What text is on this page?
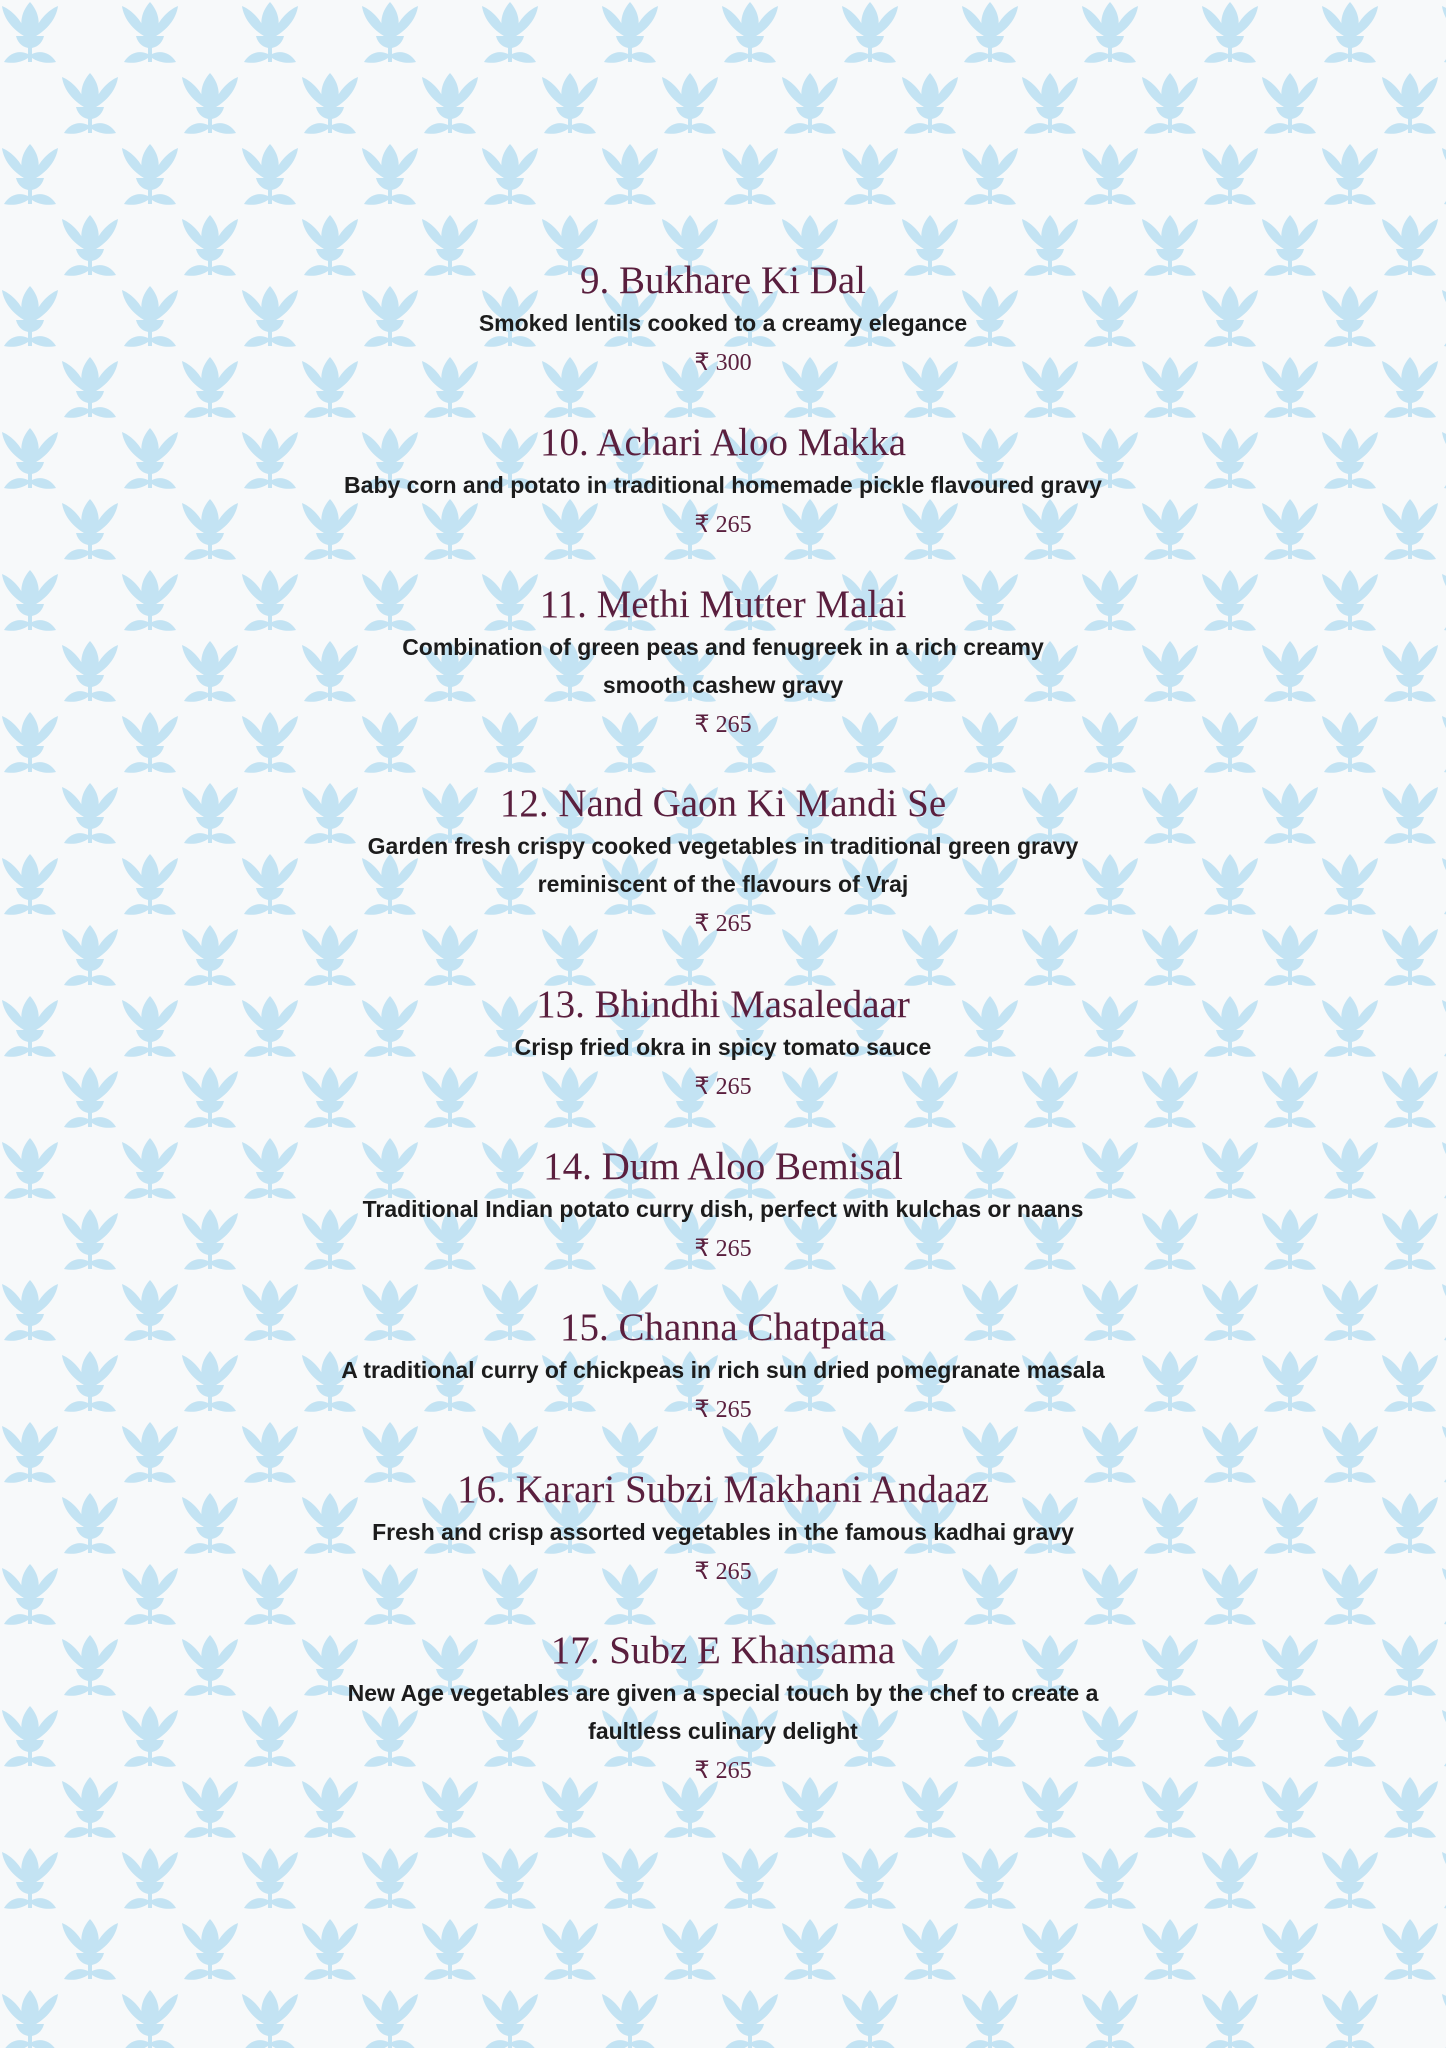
9. Bukhare Ki Dal
Smoked lentils cooked to a creamy elegance
₹ 300
10. Achari Aloo Makka
Baby corn and potato in traditional homemade pickle flavoured gravy
₹ 265
11. Methi Mutter Malai
Combination of green peas and fenugreek in a rich creamy
smooth cashew gravy
₹ 265
12. Nand Gaon Ki Mandi Se
Garden fresh crispy cooked vegetables in traditional green gravy
reminiscent of the flavours of Vraj
₹ 265
13. Bhindhi Masaledaar
Crisp fried okra in spicy tomato sauce
₹ 265
14. Dum Aloo Bemisal
Traditional Indian potato curry dish, perfect with kulchas or naans
₹ 265
15. Channa Chatpata
A traditional curry of chickpeas in rich sun dried pomegranate masala
₹ 265
16. Karari Subzi Makhani Andaaz
Fresh and crisp assorted vegetables in the famous kadhai gravy
₹ 265
17. Subz E Khansama
New Age vegetables are given a special touch by the chef to create a
faultless culinary delight
₹ 265
